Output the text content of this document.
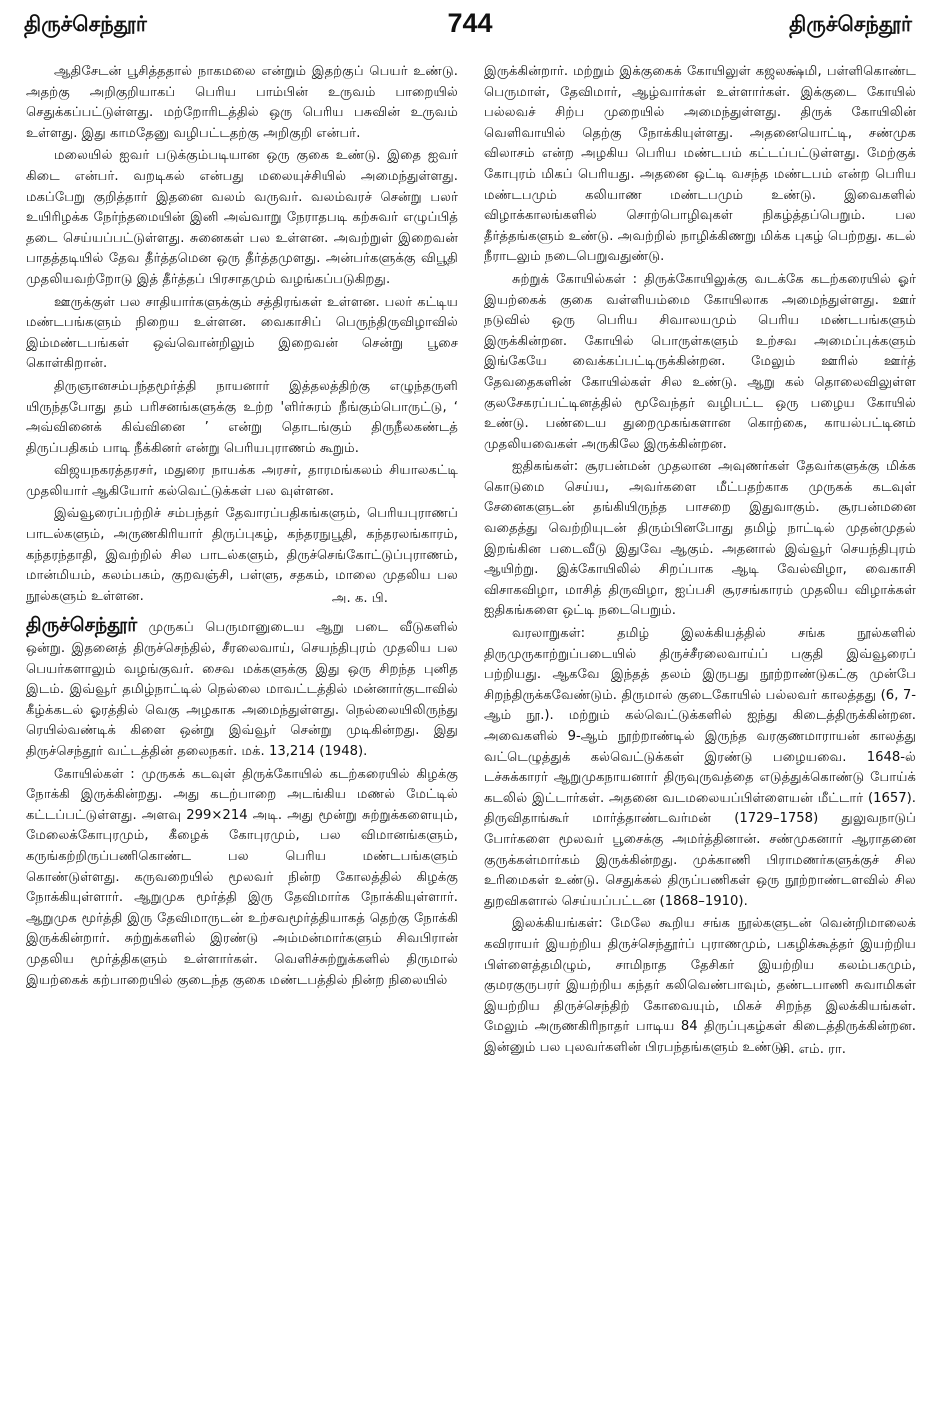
திருச்செந்தூர்	744	திருச்செந்தூர்

ஆதிசேடன் பூசித்ததால் நாகமலை என்றும் இதற்குப் பெயர் உண்டு. அதற்கு அறிகுறியாகப் பெரிய பாம்பின் உருவம் பாறையில் செதுக்கப்பட்டுள்ளது. மற்றோரிடத்தில் ஒரு பெரிய பசுவின் உருவம் உள்ளது. இது காமதேனு வழிபட்டதற்கு அறிகுறி என்பர்.

மலையில் ஐவர் படுக்கும்படியான ஒரு குகை உண்டு. இதை ஐவர் கிடை என்பர். வறடிகல் என்பது மலையுச்சியில் அமைந்துள்ளது. மகப்பேறு குறித்தார் இதனை வலம் வருவர். வலம்வரச் சென்று பலர் உயிரிழக்க நேர்ந்தமையின் இனி அவ்வாறு நேராதபடி கற்சுவர் எழுப்பித் தடை செய்யப்பட்டுள்ளது. சுனைகள் பல உள்ளன. அவற்றுள் இறைவன் பாதத்தடியில் தேவ தீர்த்தமென ஒரு தீர்த்தமுளது. அன்பர்களுக்கு விபூதி முதலியவற்றோடு இத் தீர்த்தப் பிரசாதமும் வழங்கப்படுகிறது.

ஊருக்குள் பல சாதியார்களுக்கும் சத்திரங்கள் உள்ளன. பலர் கட்டிய மண்டபங்களும் நிறைய உள்ளன. வைகாசிப் பெருந்திருவிழாவில் இம்மண்டபங்கள் ஒவ்வொன்றிலும் இறைவன் சென்று பூசை கொள்கிறான்.

திருஞானசம்பந்தமூர்த்தி நாயனார் இத்தலத்திற்கு எழுந்தருளி யிருந்தபோது தம் பரிசனங்களுக்கு உற்ற 'ளிர்சுரம் நீங்கும்பொருட்டு, ‘ அவ்வினைக் கிவ்வினை ’ என்று தொடங்கும் திருநீலகண்டத் திருப்பதிகம் பாடி நீக்கினர் என்று பெரியபுராணம் கூறும்.

விஜயநகரத்தரசர், மதுரை நாயக்க அரசர், தாரமங்கலம் சியாலகட்டி முதலியார் ஆகியோர் கல்வெட்டுக்கள் பல வுள்ளன.

இவ்வூரைப்பற்றிச் சம்பந்தர் தேவாரப்பதிகங்களும், பெரியபுராணப் பாடல்களும், அருணகிரியார் திருப்புகழ், கந்தரநுபூதி, கந்தரலங்காரம், கந்தரந்தாதி, இவற்றில் சில பாடல்களும், திருச்செங்கோட்டுப்புராணம், மான்மியம், கலம்பகம், குறவஞ்சி, பள்ளு, சதகம், மாலை முதலிய பல நூல்களும் உள்ளன.	அ. க. பி.

திருச்செந்தூர் முருகப் பெருமானுடைய ஆறு படை வீடுகளில் ஒன்று. இதனைத் திருச்செந்தில், சீரலைவாய், செயந்திபுரம் முதலிய பல பெயர்களாலும் வழங்குவர். சைவ மக்களுக்கு இது ஒரு சிறந்த புனித இடம். இவ்வூர் தமிழ்நாட்டில் நெல்லை மாவட்டத்தில் மன்னார்குடாவில் கீழ்க்கடல் ஓரத்தில் வெகு அழகாக அமைந்துள்ளது. நெல்லையிலிருந்து ரெயில்வண்டிக் கிளை ஒன்று இவ்வூர் சென்று முடிகின்றது. இது திருச்செந்தூர் வட்டத்தின் தலைநகர். மக். 13,214 (1948).

கோயில்கள் : முருகக் கடவுள் திருக்கோயில் கடற்கரையில் கிழக்கு நோக்கி இருக்கின்றது. அது கடற்பாறை அடங்கிய மணல் மேட்டில் கட்டப்பட்டுள்ளது. அளவு 299×214 அடி. அது மூன்று சுற்றுக்களையும், மேலைக்கோபுரமும், கீழைக் கோபுரமும், பல விமானங்களும், கருங்கற்றிருப்பணிகொண்ட பல பெரிய மண்டபங்களும் கொண்டுள்ளது. கருவறையில் மூலவர் நின்ற கோலத்தில் கிழக்கு நோக்கியுள்ளார். ஆறுமுக மூர்த்தி இரு தேவிமார்க நோக்கியுள்ளார். ஆறுமுக மூர்த்தி இரு தேவிமாருடன் உற்சவமூர்த்தியாகத் தெற்கு நோக்கி இருக்கின்றார். சுற்றுக்களில் இரண்டு அம்மன்மார்களும் சிவபிரான் முதலிய மூர்த்திகளும் உள்ளார்கள். வெளிச்சுற்றுக்களில் திருமால் இயற்கைக் கற்பாறையில் குடைந்த குகை மண்டபத்தில் நின்ற நிலையில்

இருக்கின்றார். மற்றும் இக்குகைக் கோயிலுள் கஜலக்ஷ்மி, பள்ளிகொண்ட பெருமாள், தேவிமார், ஆழ்வார்கள் உள்ளார்கள். இக்குடை கோயில் பல்லவச் சிற்ப முறையில் அமைந்துள்ளது. திருக் கோயிலின் வெளிவாயில் தெற்கு நோக்கியுள்ளது. அதனையொட்டி, சண்முக விலாசம் என்ற அழகிய பெரிய மண்டபம் கட்டப்பட்டுள்ளது. மேற்குக் கோபுரம் மிகப் பெரியது. அதனை ஒட்டி வசந்த மண்டபம் என்ற பெரிய மண்டபமும் கலியாண மண்டபமும் உண்டு. இவைகளில் விழாக்காலங்களில் சொற்பொழிவுகள் நிகழ்த்தப்பெறும். பல தீர்த்தங்களும் உண்டு. அவற்றில் நாழிக்கிணறு மிக்க புகழ் பெற்றது. கடல் நீராடலும் நடைபெறுவதுண்டு.

சுற்றுக் கோயில்கள் : திருக்கோயிலுக்கு வடக்கே கடற்கரையில் ஓர் இயற்கைக் குகை வள்ளியம்மை கோயிலாக அமைந்துள்ளது. ஊர் நடுவில் ஒரு பெரிய சிவாலயமும் பெரிய மண்டபங்களும் இருக்கின்றன. கோயில் பொருள்களும் உற்சவ அமைப்புக்களும் இங்கேயே வைக்கப்பட்டிருக்கின்றன. மேலும் ஊரில் ஊர்த் தேவதைகளின் கோயில்கள் சில உண்டு. ஆறு கல் தொலைவிலுள்ள குலசேகரப்பட்டினத்தில் மூவேந்தர் வழிபட்ட ஒரு பழைய கோயில் உண்டு. பண்டைய துறைமுகங்களான கொற்கை, காயல்பட்டினம் முதலியவைகள் அருகிலே இருக்கின்றன.

ஐதிகங்கள்: சூரபன்மன் முதலான அவுணர்கள் தேவர்களுக்கு மிக்க கொடுமை செய்ய, அவர்களை மீட்பதற்காக முருகக் கடவுள் சேனைகளுடன் தங்கியிருந்த பாசறை இதுவாகும். சூரபன்மனை வதைத்து வெற்றியுடன் திரும்பினபோது தமிழ் நாட்டில் முதன்முதல் இறங்கின படைவீடு இதுவே ஆகும். அதனால் இவ்வூர் செயந்திபுரம் ஆயிற்று. இக்கோயிலில் சிறப்பாக ஆடி வேல்விழா, வைகாசி விசாகவிழா, மாசித் திருவிழா, ஐப்பசி சூரசங்காரம் முதலிய விழாக்கள் ஐதிகங்களை ஒட்டி நடைபெறும்.

வரலாறுகள்: தமிழ் இலக்கியத்தில் சங்க நூல்களில் திருமுருகாற்றுப்படையில் திருச்சீரலைவாய்ப் பகுதி இவ்வூரைப் பற்றியது. ஆகவே இந்தத் தலம் இருபது நூற்றாண்டுகட்கு முன்பே சிறந்திருக்கவேண்டும். திருமால் குடைகோயில் பல்லவர் காலத்தது (6, 7-ஆம் நூ.). மற்றும் கல்வெட்டுக்களில் ஐந்து கிடைத்திருக்கின்றன. அவைகளில் 9-ஆம் நூற்றாண்டில் இருந்த வரகுணமாராயன் காலத்து வட்டெழுத்துக் கல்வெட்டுக்கள் இரண்டு பழையவை. 1648-ல் டச்சுக்காரர் ஆறுமுகநாயனார் திருவுருவத்தை எடுத்துக்கொண்டு போய்க் கடலில் இட்டார்கள். அதனை வடமலையப்பிள்ளையன் மீட்டார் (1657). திருவிதாங்கூர் மார்த்தாண்டவர்மன் (1729–1758) துலுவநாடுப் போர்களை மூலவர் பூசைக்கு அமர்த்தினான். சண்முகனார் ஆராதனை குருக்கள்மார்கம் இருக்கின்றது. முக்காணி பிராமணர்களுக்குச் சில உரிமைகள் உண்டு. செதுக்கல் திருப்பணிகள் ஒரு நூற்றாண்டளவில் சில துறவிகளால் செய்யப்பட்டன (1868–1910).

இலக்கியங்கள்: மேலே கூறிய சங்க நூல்களுடன் வென்றிமாலைக் கவிராயர் இயற்றிய திருச்செந்தூர்ப் புராணமும், பகழிக்கூத்தர் இயற்றிய பிள்ளைத்தமிழும், சாமிநாத தேசிகர் இயற்றிய கலம்பகமும், குமரகுருபரர் இயற்றிய கந்தர் கலிவெண்பாவும், தண்டபாணி சுவாமிகள் இயற்றிய திருச்செந்திற் கோவையும், மிகச் சிறந்த இலக்கியங்கள். மேலும் அருணகிரிநாதர் பாடிய 84 திருப்புகழ்கள் கிடைத்திருக்கின்றன. இன்னும் பல புலவர்களின் பிரபந்தங்களும் உண்டு.

சி. எம். ரா.
